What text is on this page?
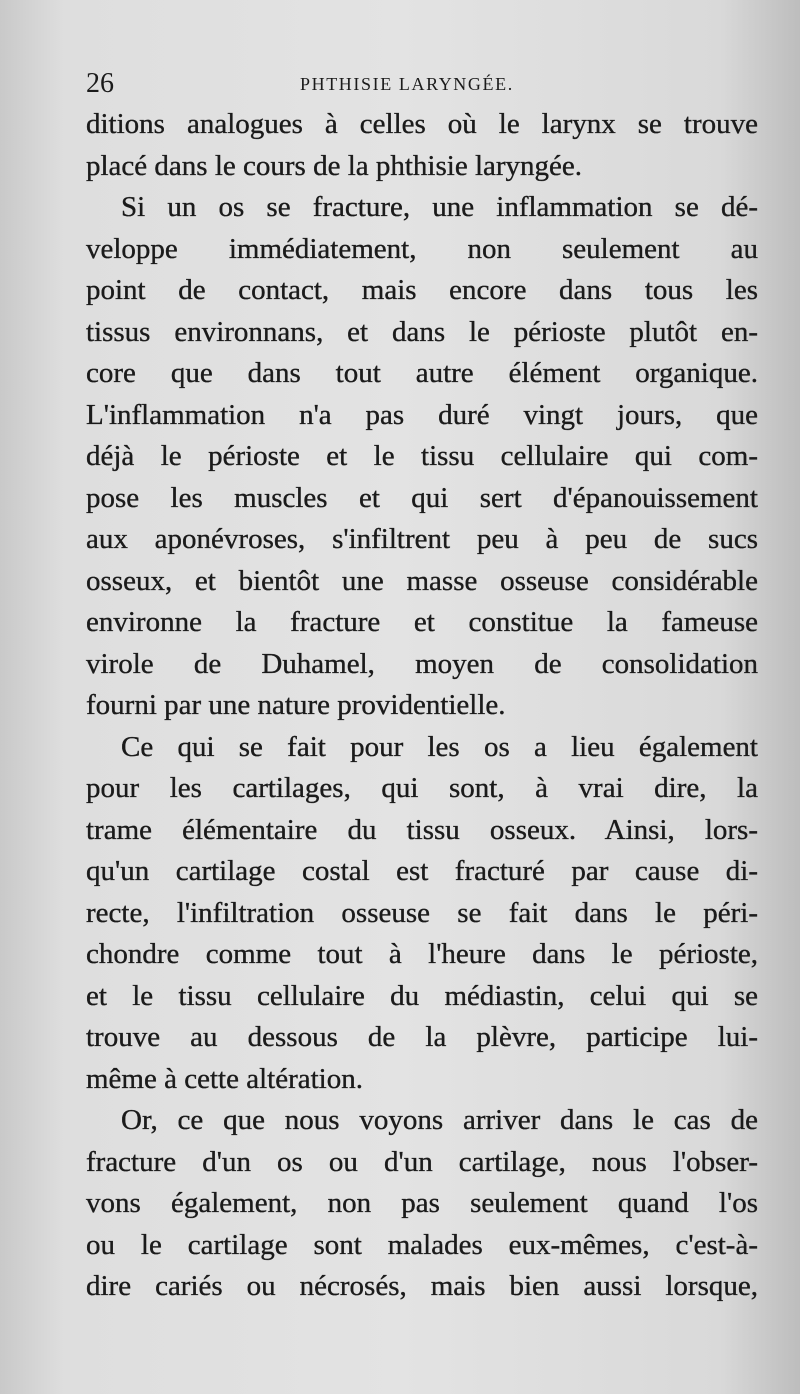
26	PHTHISIE LARYNGÉE.
ditions analogues à celles où le larynx se trouve
placé dans le cours de la phthisie laryngée.
Si un os se fracture, une inflammation se dé-
veloppe immédiatement, non seulement au
point de contact, mais encore dans tous les
tissus environnans, et dans le périoste plutôt en-
core que dans tout autre élément organique.
L'inflammation n'a pas duré vingt jours, que
déjà le périoste et le tissu cellulaire qui com-
pose les muscles et qui sert d'épanouissement
aux aponévroses, s'infiltrent peu à peu de sucs
osseux, et bientôt une masse osseuse considérable
environne la fracture et constitue la fameuse
virole de Duhamel, moyen de consolidation
fourni par une nature providentielle.
Ce qui se fait pour les os a lieu également
pour les cartilages, qui sont, à vrai dire, la
trame élémentaire du tissu osseux. Ainsi, lors-
qu'un cartilage costal est fracturé par cause di-
recte, l'infiltration osseuse se fait dans le péri-
chondre comme tout à l'heure dans le périoste,
et le tissu cellulaire du médiastin, celui qui se
trouve au dessous de la plèvre, participe lui-
même à cette altération.
Or, ce que nous voyons arriver dans le cas de
fracture d'un os ou d'un cartilage, nous l'obser-
vons également, non pas seulement quand l'os
ou le cartilage sont malades eux-mêmes, c'est-à-
dire cariés ou nécrosés, mais bien aussi lorsque,
